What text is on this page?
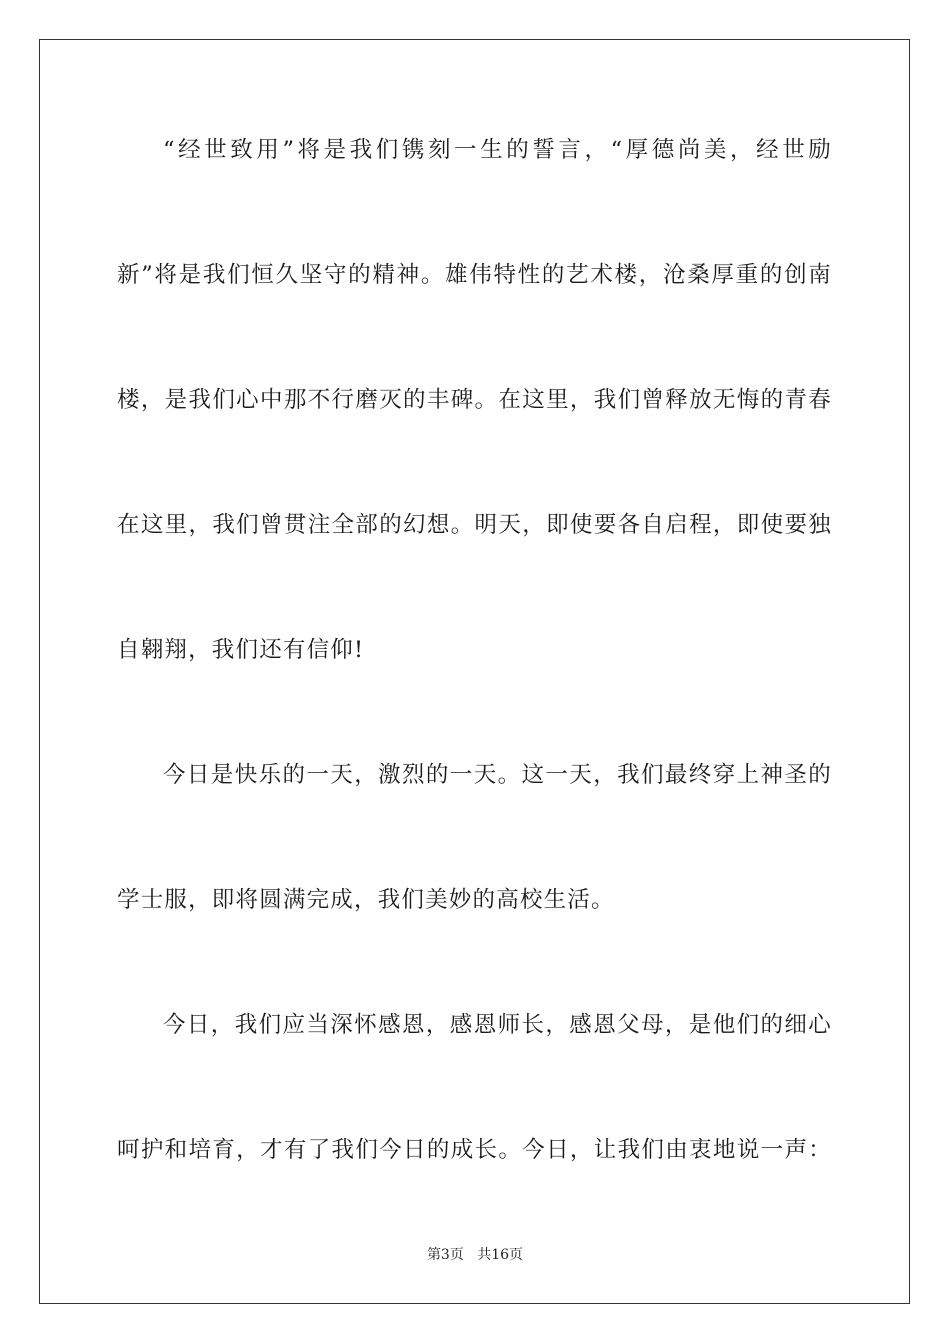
“经世致用”将是我们镌刻一生的誓言，“厚德尚美，经世励
新”将是我们恒久坚守的精神。雄伟特性的艺术楼，沧桑厚重的创南
楼，是我们心中那不行磨灭的丰碑。在这里，我们曾释放无悔的青春
在这里，我们曾贯注全部的幻想。明天，即使要各自启程，即使要独
自翱翔，我们还有信仰!
今日是快乐的一天，激烈的一天。这一天，我们最终穿上神圣的
学士服，即将圆满完成，我们美妙的高校生活。
今日，我们应当深怀感恩，感恩师长，感恩父母，是他们的细心
呵护和培育，才有了我们今日的成长。今日，让我们由衷地说一声：
第3页 共16页
